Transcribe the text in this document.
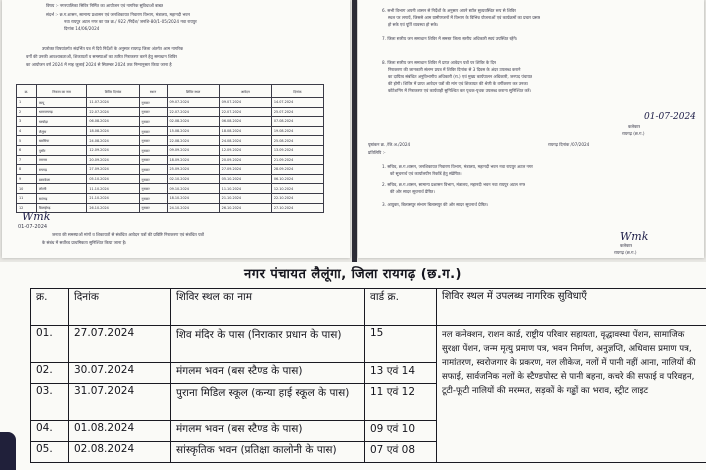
विषय :- नगरपालिका सिविर निर्मित का आयोजन एवं नागरिक सुविधाओं बाबत
संदर्भ :- छ.ग.शासन, सामान्य प्रशासन एवं जनशिकायत निवारण विभाग, मंत्रालय, महानदी भवन
नवा रायपुर अटल नगर का पत्र क्र./ 922 /निर्देश/ जनशि-80/1-05/2024 नवा रायपुर
दिनांक 14/06/2024
उपरोक्त विषयांतर्गत संदर्भित पत्र में दिये निर्देशों के अनुसार रायगढ़ जिला अंतर्गत आम नागरिक
वर्गों की उनकी आवश्यकताओं, शिकायतों व समस्याओं का त्वरित निराकरण करने हेतु समाधान शिविर
का आयोजन वर्ष 2024 में माह जुलाई 2024 से सितम्बर 2024 तक निम्नानुसार किया जाना है
क्र.	निकाय का नाम	शिविर दिनांक	स्थान	शिविर स्थल	आवेदन	दिनांक
1	कापू	11.07.2024	गुरुवार	09.07.2024	09.07.2024	14.07.2024
2	धरमजयगढ़	22.07.2024	गुरुवार	22.07.2024	22.07.2024	25.07.2024
3	घरघोड़ा	06.08.2024	गुरुवार	02.08.2024	06.08.2024	07.08.2024
4	लैलूंगा	18.08.2024	गुरुवार	15.08.2024	18.08.2024	19.08.2024
5	खरसिया	24.08.2024	गुरुवार	22.08.2024	24.08.2024	25.08.2024
6	पुसौर	12.09.2024	गुरुवार	09.09.2024	12.09.2024	13.09.2024
7	तमनार	20.09.2024	गुरुवार	18.09.2024	20.09.2024	21.09.2024
8	रायगढ़	27.09.2024	गुरुवार	25.09.2024	27.09.2024	28.09.2024
9	बरमकेला	05.10.2024	गुरुवार	02.10.2024	05.10.2024	06.10.2024
10	लोरमी	11.10.2024	गुरुवार	09.10.2024	11.10.2024	12.10.2024
11	सारंगढ़	21.10.2024	गुरुवार	18.10.2024	21.10.2024	22.10.2024
12	बिलाईगढ़	26.10.2024	गुरुवार	24.10.2024	26.10.2024	27.10.2024
Wmk
01-07-2024
जनता की समस्याओं मांगों व शिकायतों से संबंधित आवेदन पत्रों की प्रविष्टि निराकरण एवं संबंधित पत्रों
के संबंध में सर्वोच्च प्राथमिकता सुनिश्चित किया जाना है।
6. सभी विभाग अपनी शासन से निर्देशों के अनुसार अपने स्टॉल सुव्यवस्थित रूप से शिविर
स्थल पर लगायें, जिससे आम ग्रामीणजनों में विभाग के विभिन्न योजनाओं एवं कार्यक्रमों का प्रचार प्रसार
हो सके एवं पूर्ति व्यवस्था हो सके।
7. जिला स्तरीय जन समाधान शिविर में समस्त जिला स्तरीय अधिकारी स्वयं उपस्थित रहेंगे।
8. जिला स्तरीय जन समाधान शिविर में प्राप्त आवेदन पत्रों पर शिविर के दिन
निराकरण की जानकारी संलग्न प्रपत्र में शिविर दिनांक से 3 दिवस के अंदर उपलब्ध कराने
का दायित्व संबंधित अनुविभागीय अधिकारी (रा.) एवं मुख्य कार्यपालन अधिकारी, जनपद पंचायत
की होगी। शिविर में प्राप्त आवेदन पत्रों की मांग एवं शिकायत की श्रेणी के वर्गीकरण कर उनका
कोटेशनिंग में निराकरण एवं कार्यवाही सुनिश्चित कर पृथक-पृथक उपलब्ध कराना सुनिश्चित करें।
01-07-2024
कलेक्टर
रायगढ़ (छ.ग.)
पृष्ठांकन क्र. /जि.अ./2024	रायगढ़ दिनांक /07/2024
प्रतिलिपि :-
1. सचिव, छ.ग.शासन, जनशिकायत निवारण विभाग, मंत्रालय, महानदी भवन नवा रायपुर अटल नगर
को सूचनार्थ एवं कार्यालयीन रिकॉर्ड हेतु संप्रेषित।
2. सचिव, छ.ग.शासन, सामान्य प्रशासन विभाग, मंत्रालय, महानदी भवन नवा रायपुर अटल नगर
की ओर सादर सूचनार्थ प्रेषित।
3. आयुक्त, बिलासपुर संभाग बिलासपुर की ओर सादर सूचनार्थ प्रेषित।
Wmk
कलेक्टर
रायगढ़ (छ.ग.)
नगर पंचायत लैलूंगा, जिला रायगढ़ (छ.ग.)
क्र.	दिनांक	शिविर स्थल का नाम	वार्ड क्र.	शिविर स्थल में उपलब्ध नागरिक सुविधाएँ
01.	27.07.2024	शिव मंदिर के पास (निराकार प्रधान के पास)	15	नल कनेक्शन, राशन कार्ड, राष्ट्रीय परिवार सहायता, वृद्धावस्था पेंशन, सामाजिक सुरक्षा पेंशन, जन्म मृत्यु प्रमाण पत्र, भवन निर्माण, अनुज्ञप्ति, अधिवास प्रमाण पत्र, नामांतरण, स्वरोजगार के प्रकरण, नल लीकेज, नलों में पानी नहीं आना, नालियों की सफाई, सार्वजनिक नलों के स्टैण्डपोस्ट से पानी बहना, कचरे की सफाई व परिवहन, टूटी-फूटी नालियों की मरम्मत, सड़कों के गड्ढों का भराव, स्ट्रीट लाइट
02.	30.07.2024	मंगलम भवन (बस स्टैण्ड के पास)	13 एवं 14	
03.	31.07.2024	पुराना मिडिल स्कूल (कन्या हाई स्कूल के पास)	11 एवं 12	
04.	01.08.2024	मंगलम भवन (बस स्टैण्ड के पास)	09 एवं 10	
05.	02.08.2024	सांस्कृतिक भवन (प्रतिक्षा कालोनी के पास)	07 एवं 08	
